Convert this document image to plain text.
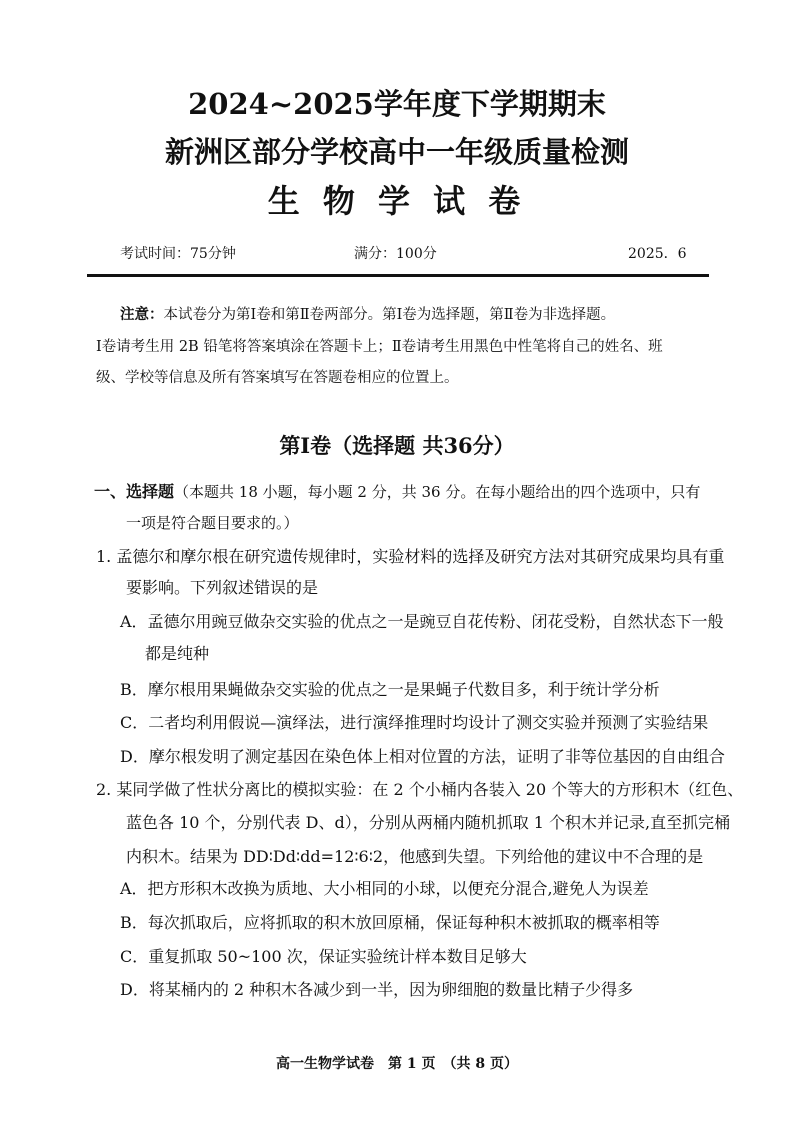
2024~2025学年度下学期期末
新洲区部分学校高中一年级质量检测
生 物 学 试 卷
考试时间：75分钟	满分：100分	2025．6
注意：本试卷分为第Ⅰ卷和第Ⅱ卷两部分。第Ⅰ卷为选择题，第Ⅱ卷为非选择题。
Ⅰ卷请考生用 2B 铅笔将答案填涂在答题卡上；Ⅱ卷请考生用黑色中性笔将自己的姓名、班
级、学校等信息及所有答案填写在答题卷相应的位置上。
第Ⅰ卷（选择题 共36分）
一、选择题（本题共 18 小题，每小题 2 分，共 36 分。在每小题给出的四个选项中，只有
一项是符合题目要求的。）
1. 孟德尔和摩尔根在研究遗传规律时，实验材料的选择及研究方法对其研究成果均具有重
要影响。下列叙述错误的是
A．孟德尔用豌豆做杂交实验的优点之一是豌豆自花传粉、闭花受粉，自然状态下一般
都是纯种
B．摩尔根用果蝇做杂交实验的优点之一是果蝇子代数目多，利于统计学分析
C．二者均利用假说—演绎法，进行演绎推理时均设计了测交实验并预测了实验结果
D．摩尔根发明了测定基因在染色体上相对位置的方法，证明了非等位基因的自由组合
2. 某同学做了性状分离比的模拟实验：在 2 个小桶内各装入 20 个等大的方形积木（红色、
蓝色各 10 个，分别代表 D、d），分别从两桶内随机抓取 1 个积木并记录,直至抓完桶
内积木。结果为 DD∶Dd∶dd=12∶6∶2，他感到失望。下列给他的建议中不合理的是
A．把方形积木改换为质地、大小相同的小球，以便充分混合,避免人为误差
B．每次抓取后，应将抓取的积木放回原桶，保证每种积木被抓取的概率相等
C．重复抓取 50~100 次，保证实验统计样本数目足够大
D．将某桶内的 2 种积木各减少到一半，因为卵细胞的数量比精子少得多
高一生物学试卷　第 1 页　（共 8 页）
